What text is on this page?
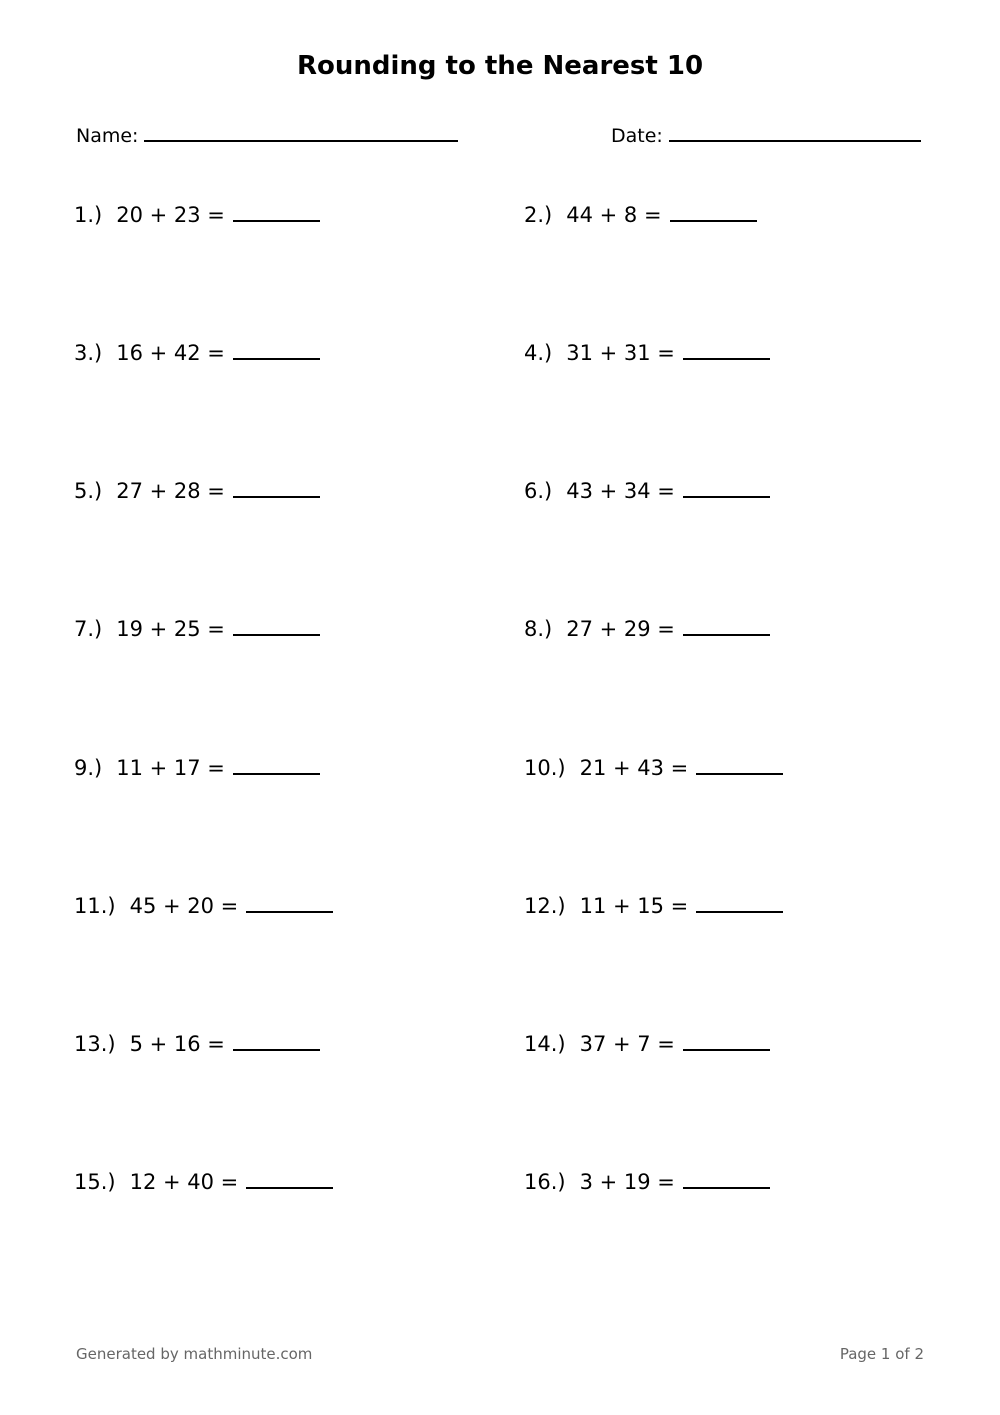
Rounding to the Nearest 10
Name:	Date:
1.) 20 + 23 =	2.) 44 + 8 =
3.) 16 + 42 =	4.) 31 + 31 =
5.) 27 + 28 =	6.) 43 + 34 =
7.) 19 + 25 =	8.) 27 + 29 =
9.) 11 + 17 =	10.) 21 + 43 =
11.) 45 + 20 =	12.) 11 + 15 =
13.) 5 + 16 =	14.) 37 + 7 =
15.) 12 + 40 =	16.) 3 + 19 =
Generated by mathminute.com	Page 1 of 2
